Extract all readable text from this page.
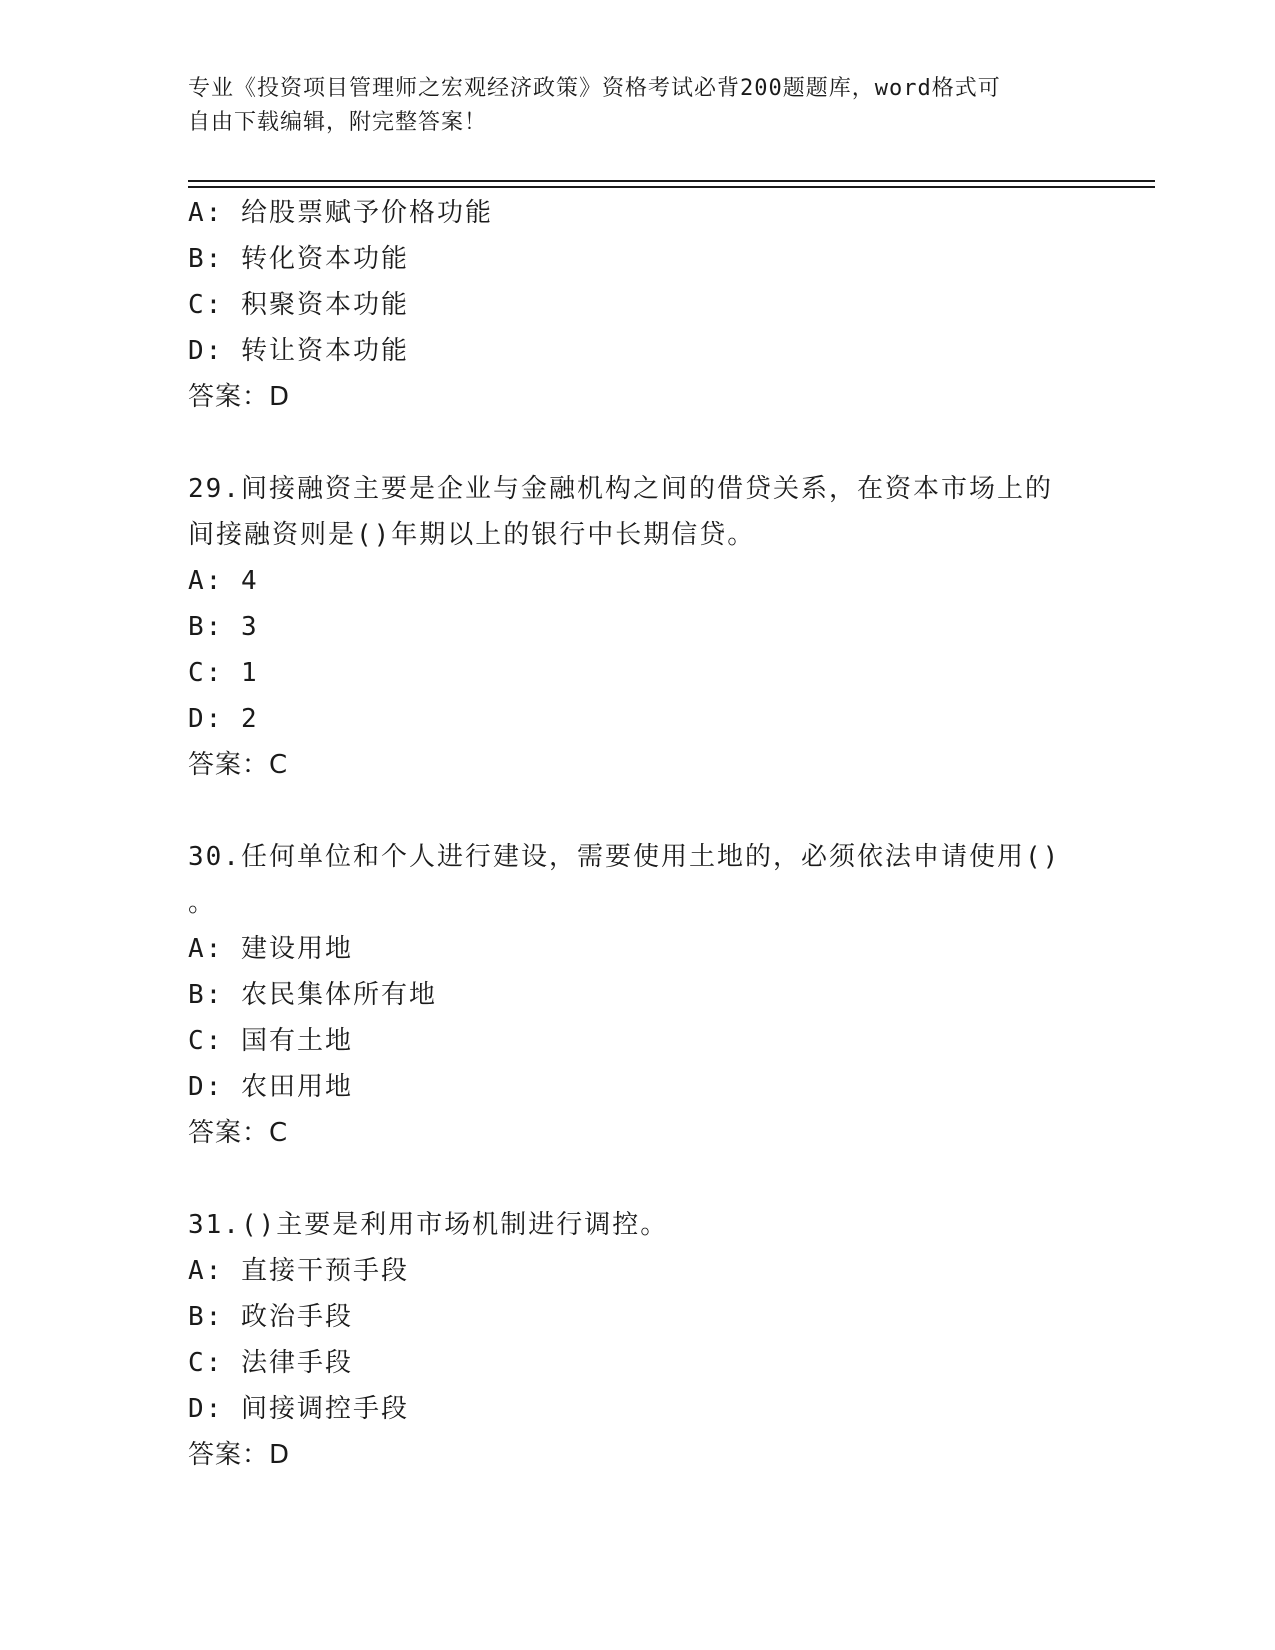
专业《投资项目管理师之宏观经济政策》资格考试必背200题题库，word格式可
自由下载编辑，附完整答案！
A: 给股票赋予价格功能
B: 转化资本功能
C: 积聚资本功能
D: 转让资本功能
答案：D
29.间接融资主要是企业与金融机构之间的借贷关系，在资本市场上的
间接融资则是()年期以上的银行中长期信贷。
A: 4
B: 3
C: 1
D: 2
答案：C
30.任何单位和个人进行建设，需要使用土地的，必须依法申请使用()
。
A: 建设用地
B: 农民集体所有地
C: 国有土地
D: 农田用地
答案：C
31.()主要是利用市场机制进行调控。
A: 直接干预手段
B: 政治手段
C: 法律手段
D: 间接调控手段
答案：D
